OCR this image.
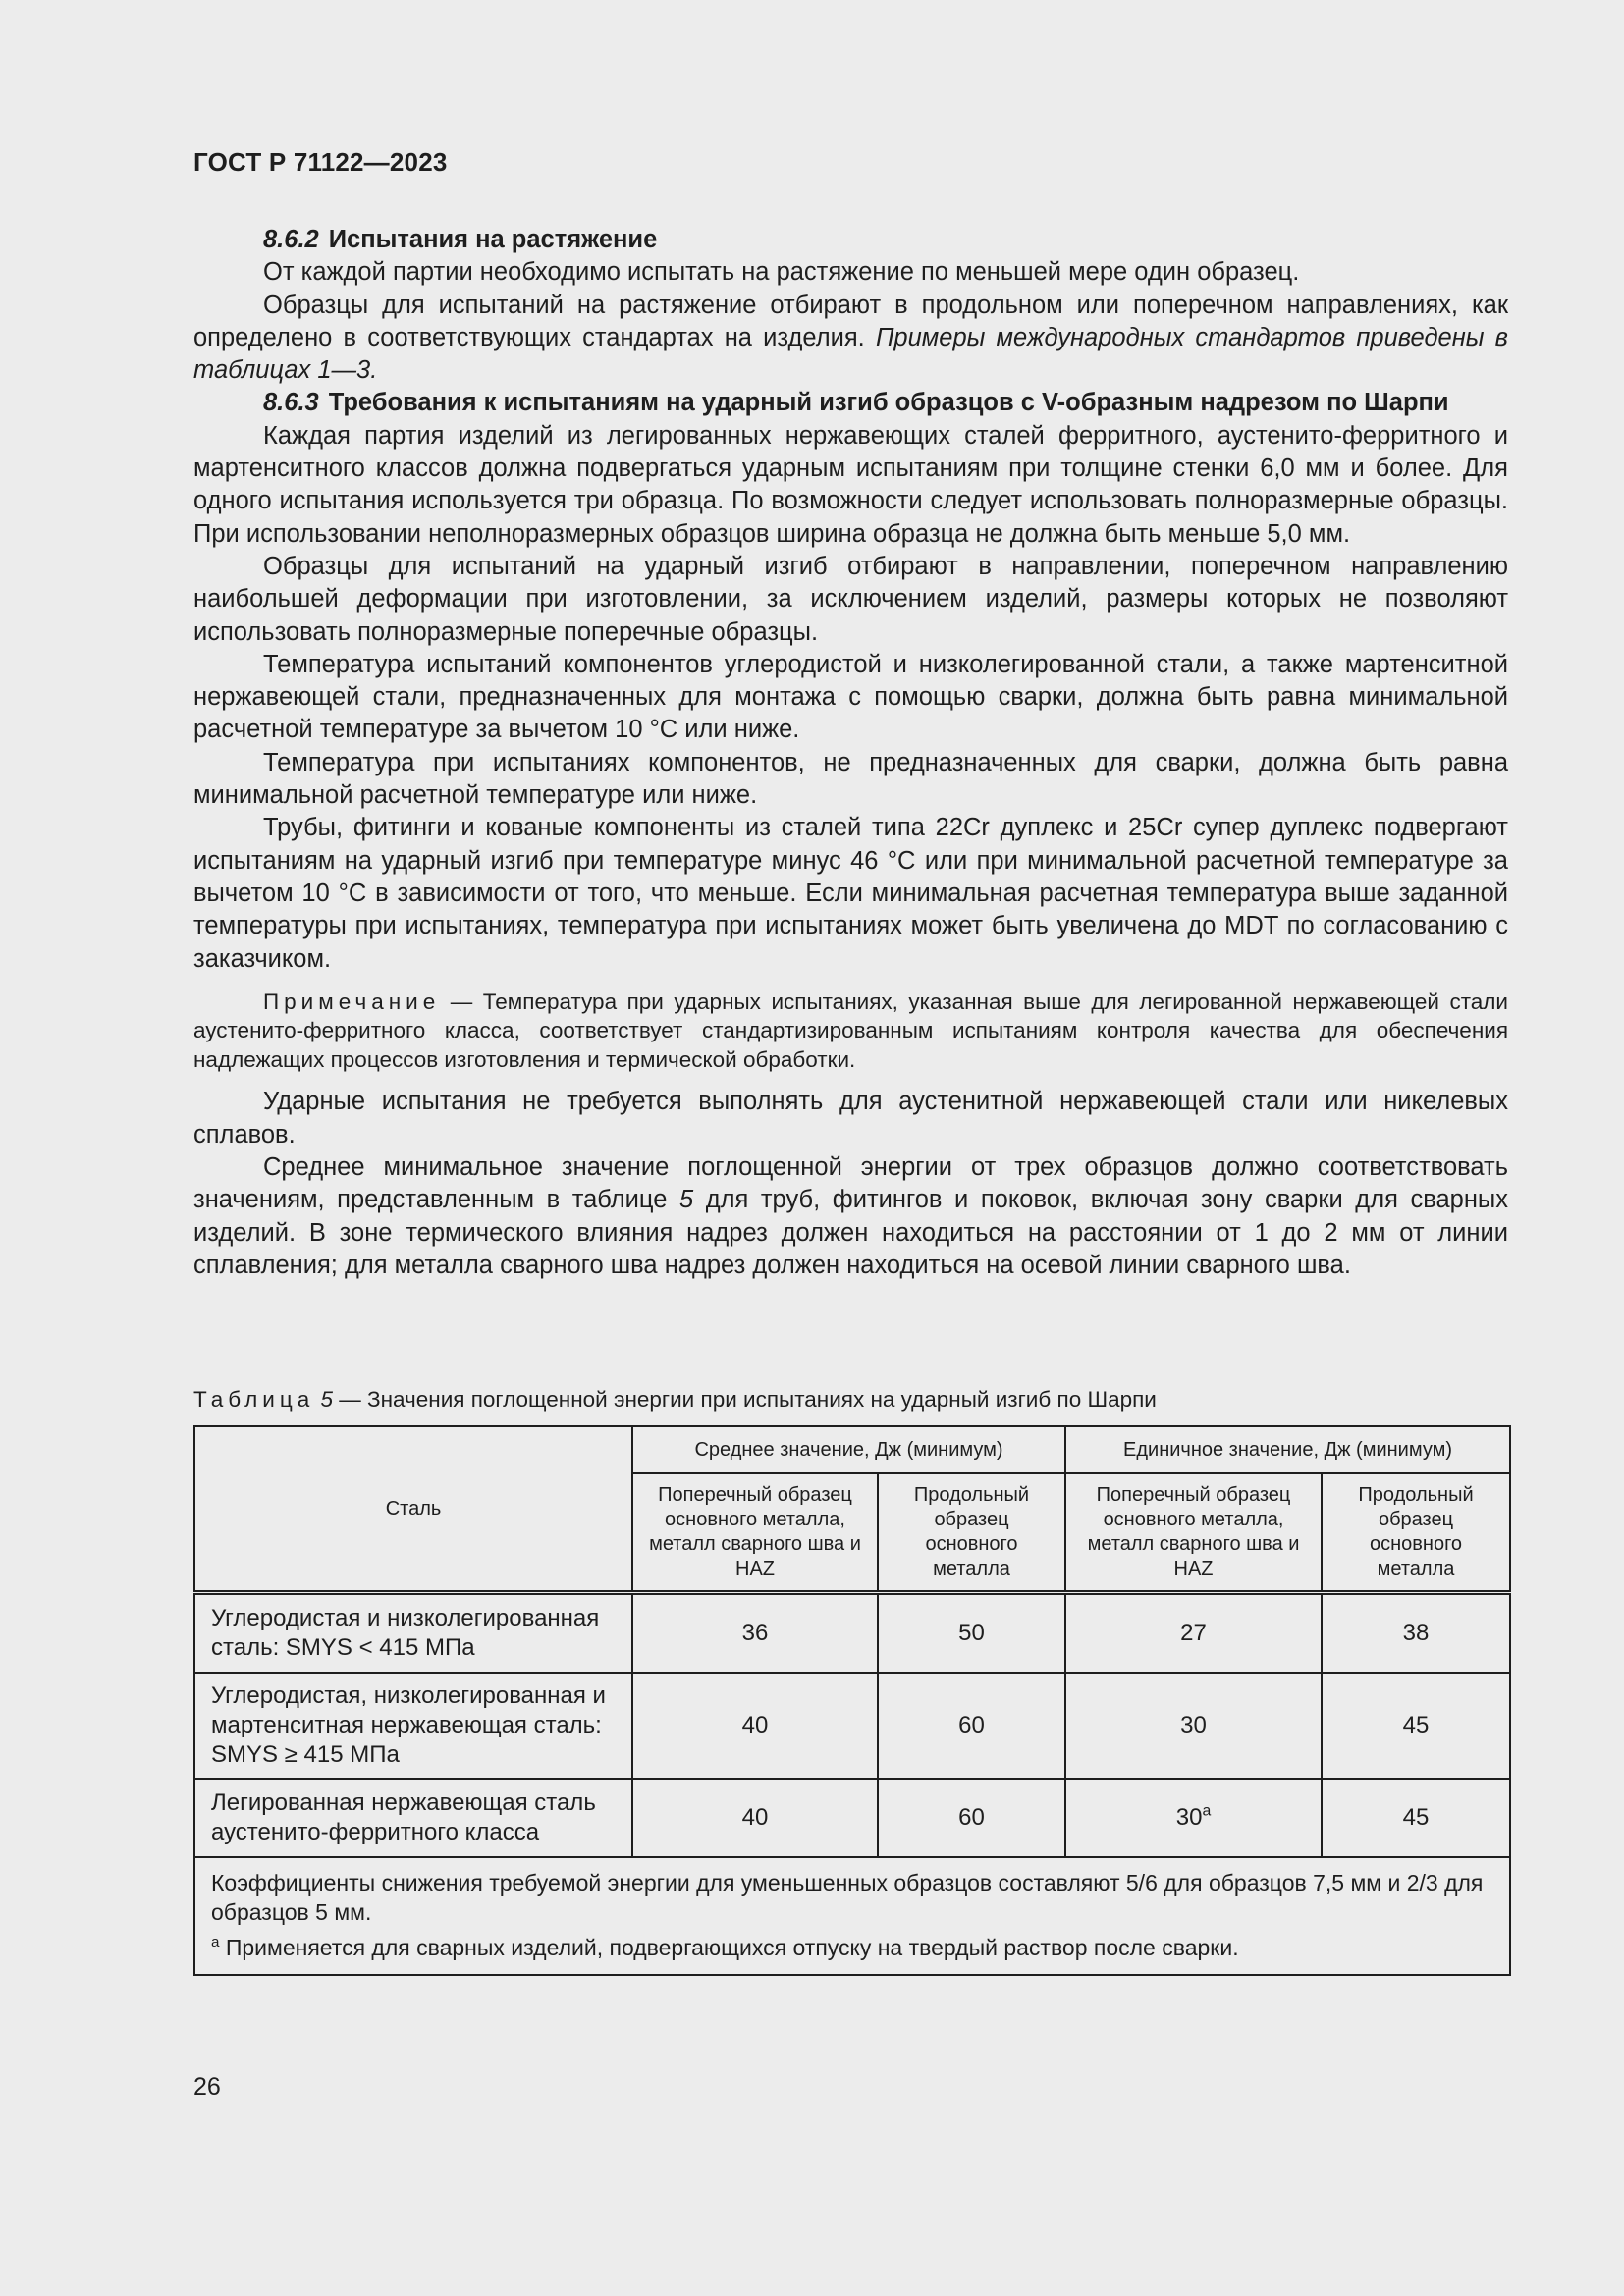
ГОСТ Р 71122—2023

8.6.2 Испытания на растяжение

От каждой партии необходимо испытать на растяжение по меньшей мере один образец.

Образцы для испытаний на растяжение отбирают в продольном или поперечном направлениях, как определено в соответствующих стандартах на изделия. Примеры международных стандартов приведены в таблицах 1—3.

8.6.3 Требования к испытаниям на ударный изгиб образцов с V-образным надрезом по Шарпи

Каждая партия изделий из легированных нержавеющих сталей ферритного, аустенито-ферритного и мартенситного классов должна подвергаться ударным испытаниям при толщине стенки 6,0 мм и более. Для одного испытания используется три образца. По возможности следует использовать полноразмерные образцы. При использовании неполноразмерных образцов ширина образца не должна быть меньше 5,0 мм.

Образцы для испытаний на ударный изгиб отбирают в направлении, поперечном направлению наибольшей деформации при изготовлении, за исключением изделий, размеры которых не позволяют использовать полноразмерные поперечные образцы.

Температура испытаний компонентов углеродистой и низколегированной стали, а также мартенситной нержавеющей стали, предназначенных для монтажа с помощью сварки, должна быть равна минимальной расчетной температуре за вычетом 10 °C или ниже.

Температура при испытаниях компонентов, не предназначенных для сварки, должна быть равна минимальной расчетной температуре или ниже.

Трубы, фитинги и кованые компоненты из сталей типа 22Cr дуплекс и 25Cr супер дуплекс подвергают испытаниям на ударный изгиб при температуре минус 46 °C или при минимальной расчетной температуре за вычетом 10 °C в зависимости от того, что меньше. Если минимальная расчетная температура выше заданной температуры при испытаниях, температура при испытаниях может быть увеличена до MDT по согласованию с заказчиком.

Примечание — Температура при ударных испытаниях, указанная выше для легированной нержавеющей стали аустенито-ферритного класса, соответствует стандартизированным испытаниям контроля качества для обеспечения надлежащих процессов изготовления и термической обработки.

Ударные испытания не требуется выполнять для аустенитной нержавеющей стали или никелевых сплавов.

Среднее минимальное значение поглощенной энергии от трех образцов должно соответствовать значениям, представленным в таблице 5 для труб, фитингов и поковок, включая зону сварки для сварных изделий. В зоне термического влияния надрез должен находиться на расстоянии от 1 до 2 мм от линии сплавления; для металла сварного шва надрез должен находиться на осевой линии сварного шва.

Таблица 5 — Значения поглощенной энергии при испытаниях на ударный изгиб по Шарпи
Сталь	Среднее значение, Дж (минимум)		Единичное значение, Дж (минимум)	
	Поперечный образец основного металла, металл сварного шва и HAZ	Продольный образец основного металла	Поперечный образец основного металла, металл сварного шва и HAZ	Продольный образец основного металла
Углеродистая и низколегированная сталь: SMYS < 415 МПа	36	50	27	38
Углеродистая, низколегированная и мартенситная нержавеющая сталь: SMYS ≥ 415 МПа	40	60	30	45
Легированная нержавеющая сталь аустенито-ферритного класса	40	60	$30^а$	45

Коэффициенты снижения требуемой энергии для уменьшенных образцов составляют 5/6 для образцов 7,5 мм и 2/3 для образцов 5 мм.

$^а$ Применяется для сварных изделий, подвергающихся отпуску на твердый раствор после сварки.				

26
